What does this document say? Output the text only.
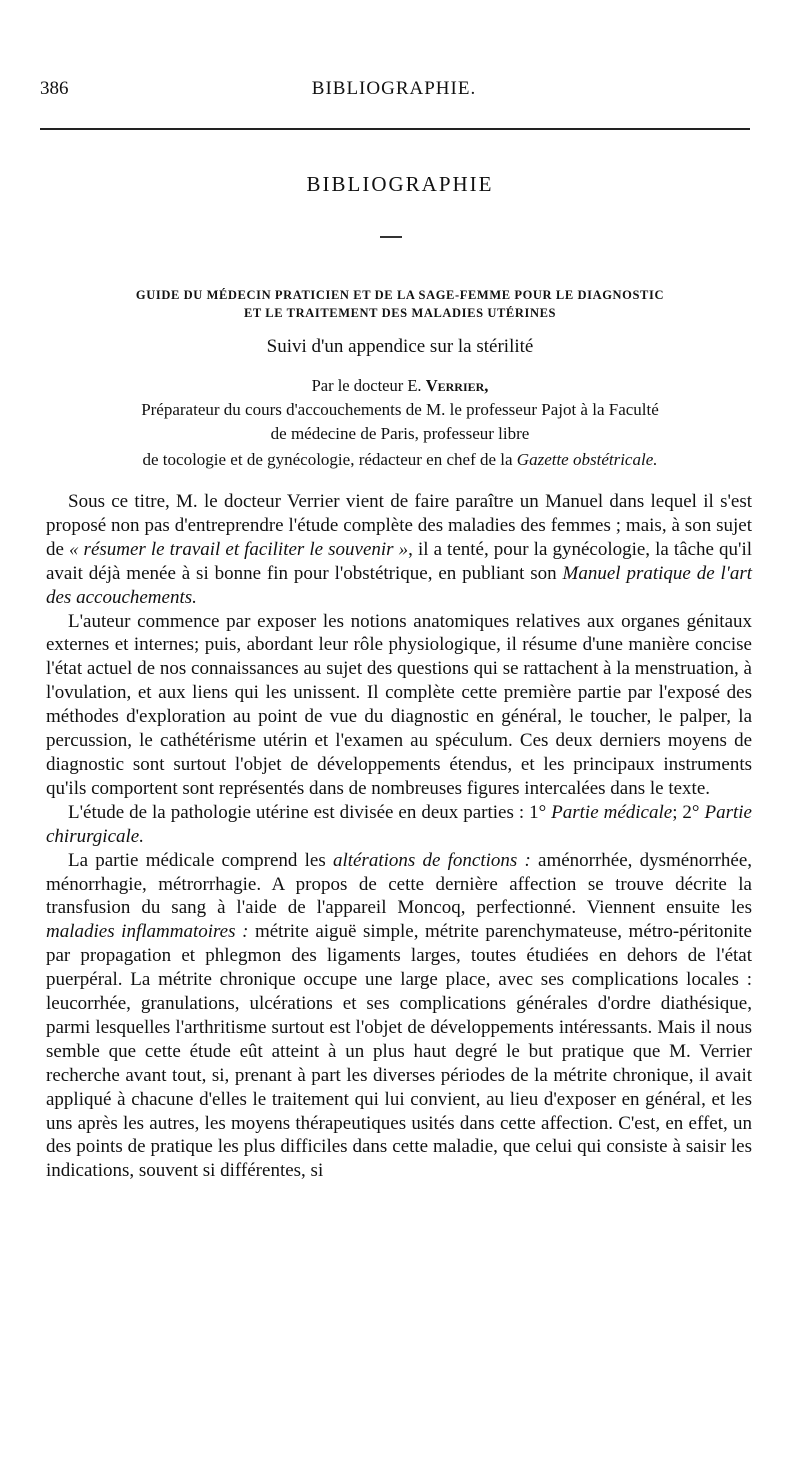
386	BIBLIOGRAPHIE.
BIBLIOGRAPHIE
GUIDE DU MÉDECIN PRATICIEN ET DE LA SAGE-FEMME POUR LE DIAGNOSTIC
ET LE TRAITEMENT DES MALADIES UTÉRINES
Suivi d'un appendice sur la stérilité
Par le docteur E. Verrier,
Préparateur du cours d'accouchements de M. le professeur Pajot à la Faculté
de médecine de Paris, professeur libre
de tocologie et de gynécologie, rédacteur en chef de la Gazette obstétricale.

Sous ce titre, M. le docteur Verrier vient de faire paraître un Manuel dans lequel il s'est proposé non pas d'entreprendre l'étude complète des maladies des femmes ; mais, à son sujet de « résumer le travail et faciliter le souvenir », il a tenté, pour la gynécologie, la tâche qu'il avait déjà menée à si bonne fin pour l'obstétrique, en publiant son Manuel pratique de l'art des accouchements.

L'auteur commence par exposer les notions anatomiques relatives aux organes génitaux externes et internes; puis, abordant leur rôle physiologique, il résume d'une manière concise l'état actuel de nos connaissances au sujet des questions qui se rattachent à la menstruation, à l'ovulation, et aux liens qui les unissent. Il complète cette première partie par l'exposé des méthodes d'exploration au point de vue du diagnostic en général, le toucher, le palper, la percussion, le cathétérisme utérin et l'examen au spéculum. Ces deux derniers moyens de diagnostic sont surtout l'objet de développements étendus, et les principaux instruments qu'ils comportent sont représentés dans de nombreuses figures intercalées dans le texte.

L'étude de la pathologie utérine est divisée en deux parties : 1° Partie médicale; 2° Partie chirurgicale.

La partie médicale comprend les altérations de fonctions : aménorrhée, dysménorrhée, ménorrhagie, métrorrhagie. A propos de cette dernière affection se trouve décrite la transfusion du sang à l'aide de l'appareil Moncoq, perfectionné. Viennent ensuite les maladies inflammatoires : métrite aiguë simple, métrite parenchymateuse, métro-péritonite par propagation et phlegmon des ligaments larges, toutes étudiées en dehors de l'état puerpéral. La métrite chronique occupe une large place, avec ses complications locales : leucorrhée, granulations, ulcérations et ses complications générales d'ordre diathésique, parmi lesquelles l'arthritisme surtout est l'objet de développements intéressants. Mais il nous semble que cette étude eût atteint à un plus haut degré le but pratique que M. Verrier recherche avant tout, si, prenant à part les diverses périodes de la métrite chronique, il avait appliqué à chacune d'elles le traitement qui lui convient, au lieu d'exposer en général, et les uns après les autres, les moyens thérapeutiques usités dans cette affection. C'est, en effet, un des points de pratique les plus difficiles dans cette maladie, que celui qui consiste à saisir les indications, souvent si différentes, si
